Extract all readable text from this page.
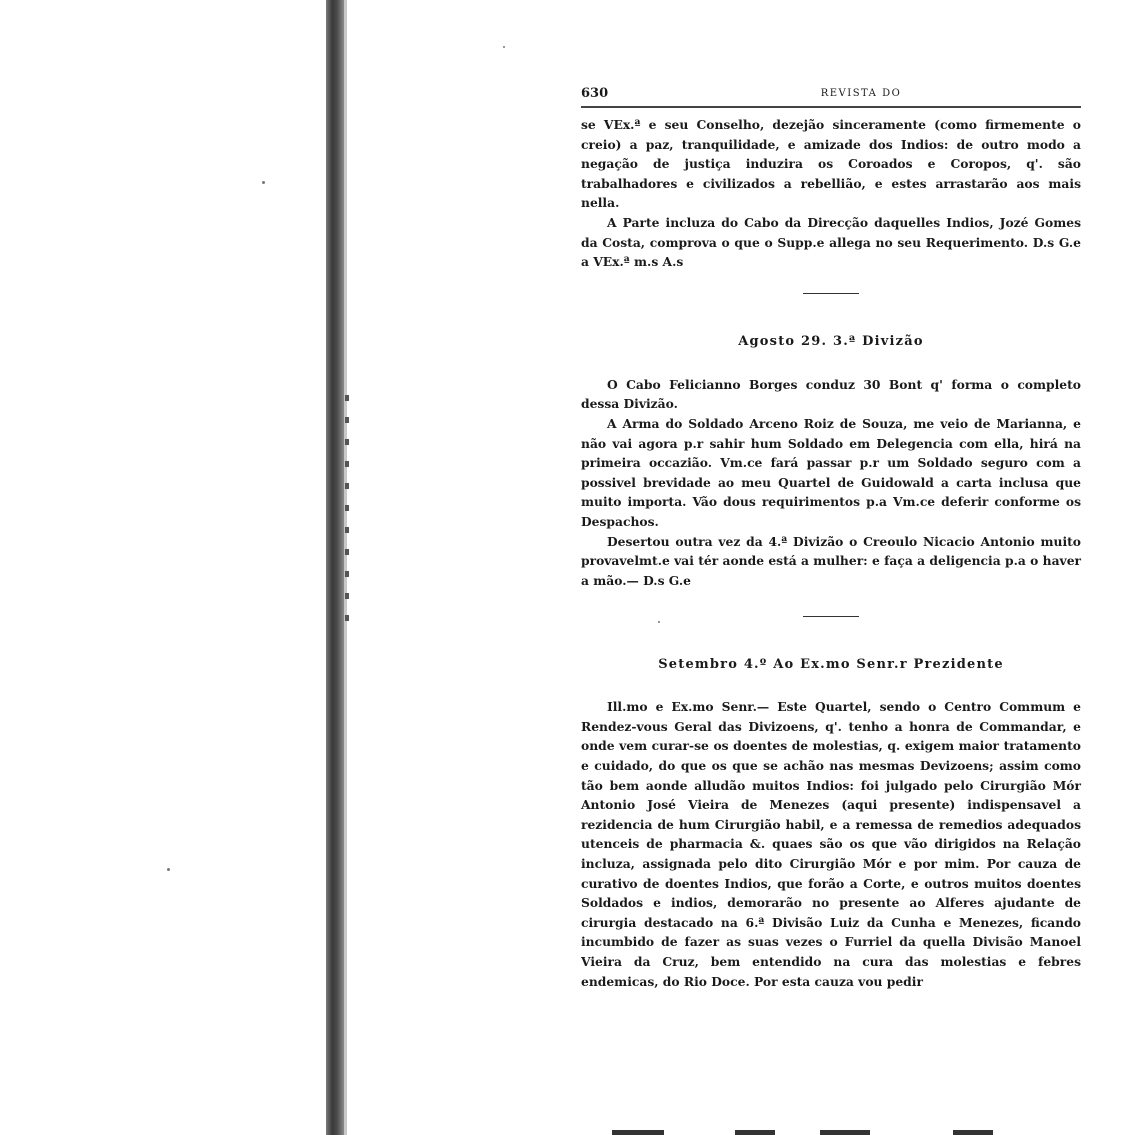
630	REVISTA DO

se VEx.ª e seu Conselho, dezejão sinceramente (como firmemente o creio) a paz, tranquilidade, e amizade dos Indios: de outro modo a negação de justiça induzira os Coroados e Coropos, q'. são trabalhadores e civilizados a rebellião, e estes arrastarão aos mais nella.

A Parte incluza do Cabo da Direcção daquelles Indios, Jozé Gomes da Costa, comprova o que o Supp.e allega no seu Requerimento. D.s G.e a VEx.ª m.s A.s

Agosto 29. 3.ª Divizão

O Cabo Felicianno Borges conduz 30 Bont q' forma o completo dessa Divizão.

A Arma do Soldado Arceno Roiz de Souza, me veio de Marianna, e não vai agora p.r sahir hum Soldado em Delegencia com ella, hirá na primeira occazião. Vm.ce fará passar p.r um Soldado seguro com a possivel brevidade ao meu Quartel de Guidowald a carta inclusa que muito importa. Vão dous requirimentos p.a Vm.ce deferir conforme os Despachos.

Desertou outra vez da 4.ª Divizão o Creoulo Nicacio Antonio muito provavelmt.e vai tér aonde está a mulher: e faça a deligencia p.a o haver a mão.— D.s G.e

Setembro 4.º Ao Ex.mo Senr.r Prezidente

Ill.mo e Ex.mo Senr.— Este Quartel, sendo o Centro Commum e Rendez-vous Geral das Divizoens, q'. tenho a honra de Commandar, e onde vem curar-se os doentes de molestias, q. exigem maior tratamento e cuidado, do que os que se achão nas mesmas Devizoens; assim como tão bem aonde alludão muitos Indios: foi julgado pelo Cirurgião Mór Antonio José Vieira de Menezes (aqui presente) indispensavel a rezidencia de hum Cirurgião habil, e a remessa de remedios adequados utenceis de pharmacia &. quaes são os que vão dirigidos na Relação incluza, assignada pelo dito Cirurgião Mór e por mim. Por cauza de curativo de doentes Indios, que forão a Corte, e outros muitos doentes Soldados e indios, demorarão no presente ao Alferes ajudante de cirurgia destacado na 6.ª Divisão Luiz da Cunha e Menezes, ficando incumbido de fazer as suas vezes o Furriel da quella Divisão Manoel Vieira da Cruz, bem entendido na cura das molestias e febres endemicas, do Rio Doce. Por esta cauza vou pedir
